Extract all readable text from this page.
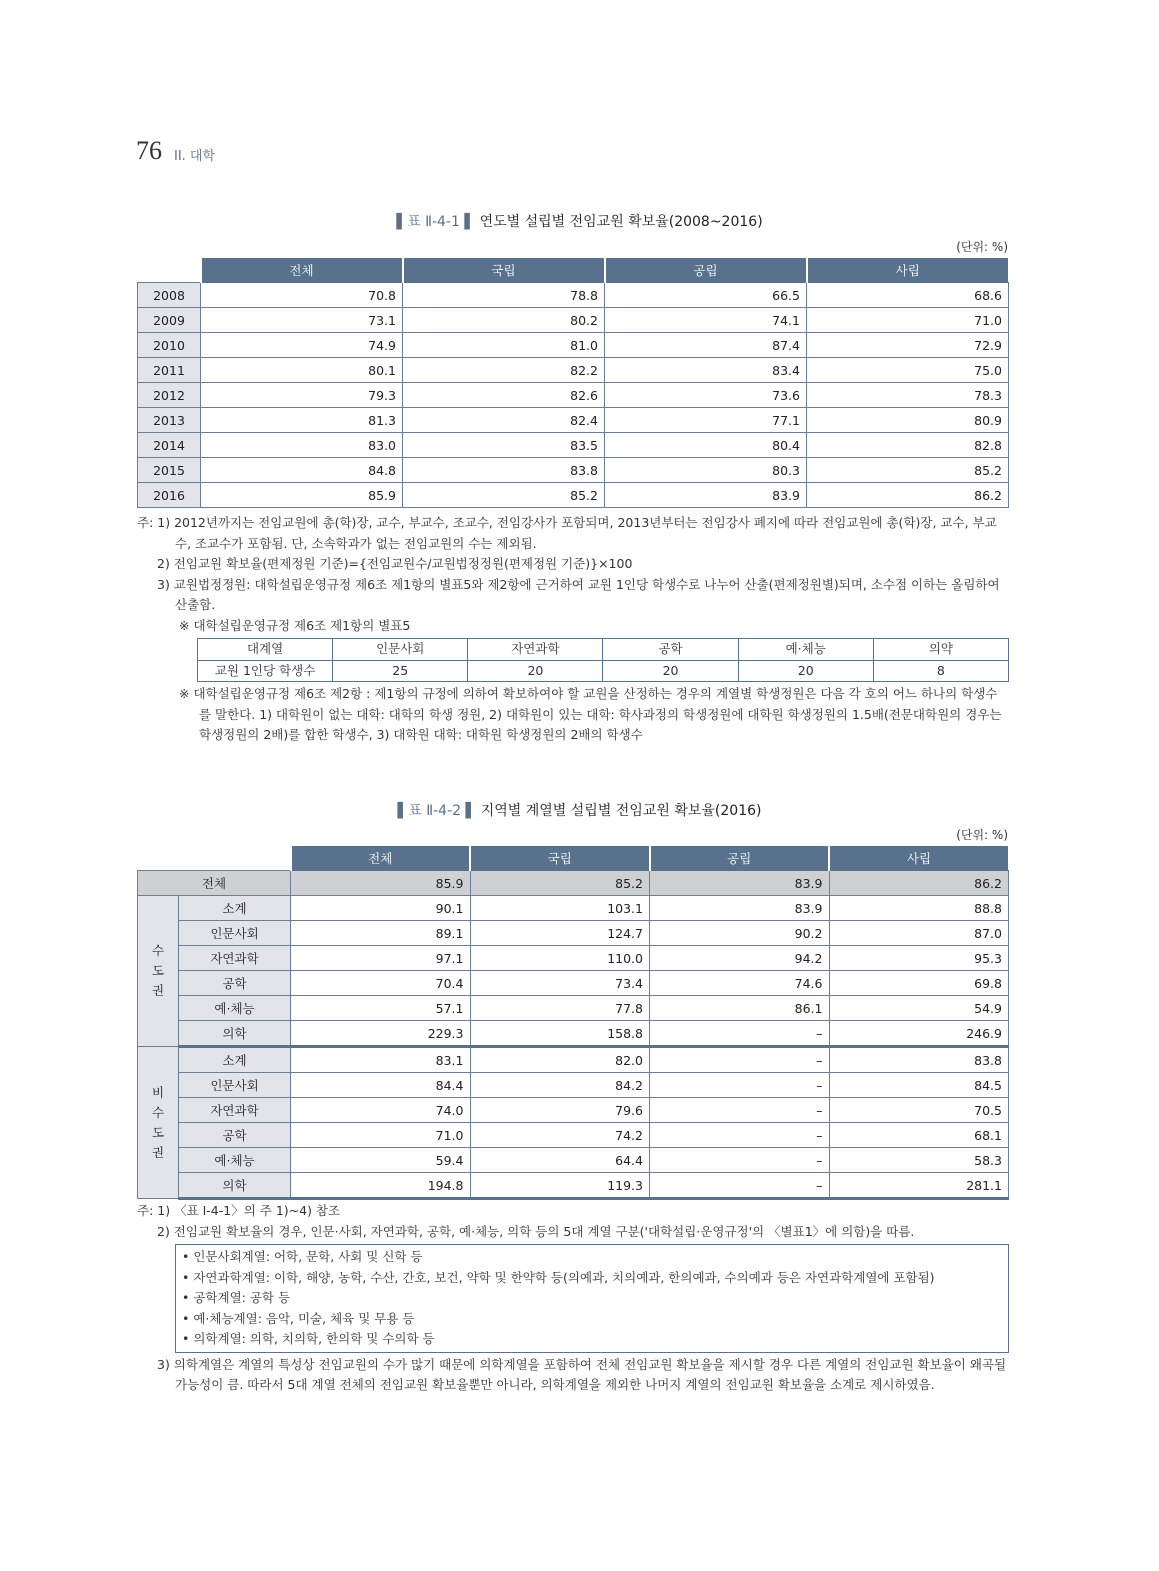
76 II. 대학
▌표 Ⅱ-4-1 ▌ 연도별 설립별 전임교원 확보율(2008~2016)
(단위: %)
	전체	국립	공립	사립
2008	70.8	78.8	66.5	68.6
2009	73.1	80.2	74.1	71.0
2010	74.9	81.0	87.4	72.9
2011	80.1	82.2	83.4	75.0
2012	79.3	82.6	73.6	78.3
2013	81.3	82.4	77.1	80.9
2014	83.0	83.5	80.4	82.8
2015	84.8	83.8	80.3	85.2
2016	85.9	85.2	83.9	86.2

주: 1) 2012년까지는 전임교원에 총(학)장, 교수, 부교수, 조교수, 전임강사가 포함되며, 2013년부터는 전임강사 폐지에 따라 전임교원에 총(학)장, 교수, 부교수, 조교수가 포함됨. 단, 소속학과가 없는 전임교원의 수는 제외됨.

2) 전임교원 확보율(편제정원 기준)={전임교원수/교원법정정원(편제정원 기준)}×100

3) 교원법정정원: 대학설립운영규정 제6조 제1항의 별표5와 제2항에 근거하여 교원 1인당 학생수로 나누어 산출(편제정원별)되며, 소수점 이하는 올림하여 산출함.

※ 대학설립운영규정 제6조 제1항의 별표5

대계열	인문사회	자연과학	공학	예·체능	의약
교원 1인당 학생수	25	20	20	20	8

※ 대학설립운영규정 제6조 제2항 : 제1항의 규정에 의하여 확보하여야 할 교원을 산정하는 경우의 계열별 학생정원은 다음 각 호의 어느 하나의 학생수를 말한다. 1) 대학원이 없는 대학: 대학의 학생 정원, 2) 대학원이 있는 대학: 학사과정의 학생정원에 대학원 학생정원의 1.5배(전문대학원의 경우는 학생정원의 2배)를 합한 학생수, 3) 대학원 대학: 대학원 학생정원의 2배의 학생수

▌표 Ⅱ-4-2 ▌ 지역별 계열별 설립별 전임교원 확보율(2016)
(단위: %)
		전체	국립	공립	사립
전체		85.9	85.2	83.9	86.2
수도권	소계	90.1	103.1	83.9	88.8
	인문사회	89.1	124.7	90.2	87.0
	자연과학	97.1	110.0	94.2	95.3
	공학	70.4	73.4	74.6	69.8
	예·체능	57.1	77.8	86.1	54.9
	의학	229.3	158.8	–	246.9
비수도권	소계	83.1	82.0	–	83.8
	인문사회	84.4	84.2	–	84.5
	자연과학	74.0	79.6	–	70.5
	공학	71.0	74.2	–	68.1
	예·체능	59.4	64.4	–	58.3
	의학	194.8	119.3	–	281.1

주: 1) 〈표 Ⅰ-4-1〉의 주 1)~4) 참조

2) 전임교원 확보율의 경우, 인문·사회, 자연과학, 공학, 예·체능, 의학 등의 5대 계열 구분('대학설립·운영규정'의 〈별표1〉에 의함)을 따름.

• 인문사회계열: 어학, 문학, 사회 및 신학 등

• 자연과학계열: 이학, 해양, 농학, 수산, 간호, 보건, 약학 및 한약학 등(의예과, 치의예과, 한의예과, 수의예과 등은 자연과학계열에 포함됨)

• 공학계열: 공학 등

• 예·체능계열: 음악, 미술, 체육 및 무용 등

• 의학계열: 의학, 치의학, 한의학 및 수의학 등

3) 의학계열은 계열의 특성상 전임교원의 수가 많기 때문에 의학계열을 포함하여 전체 전임교원 확보율을 제시할 경우 다른 계열의 전임교원 확보율이 왜곡될 가능성이 큼. 따라서 5대 계열 전체의 전임교원 확보율뿐만 아니라, 의학계열을 제외한 나머지 계열의 전임교원 확보율을 소계로 제시하였음.
